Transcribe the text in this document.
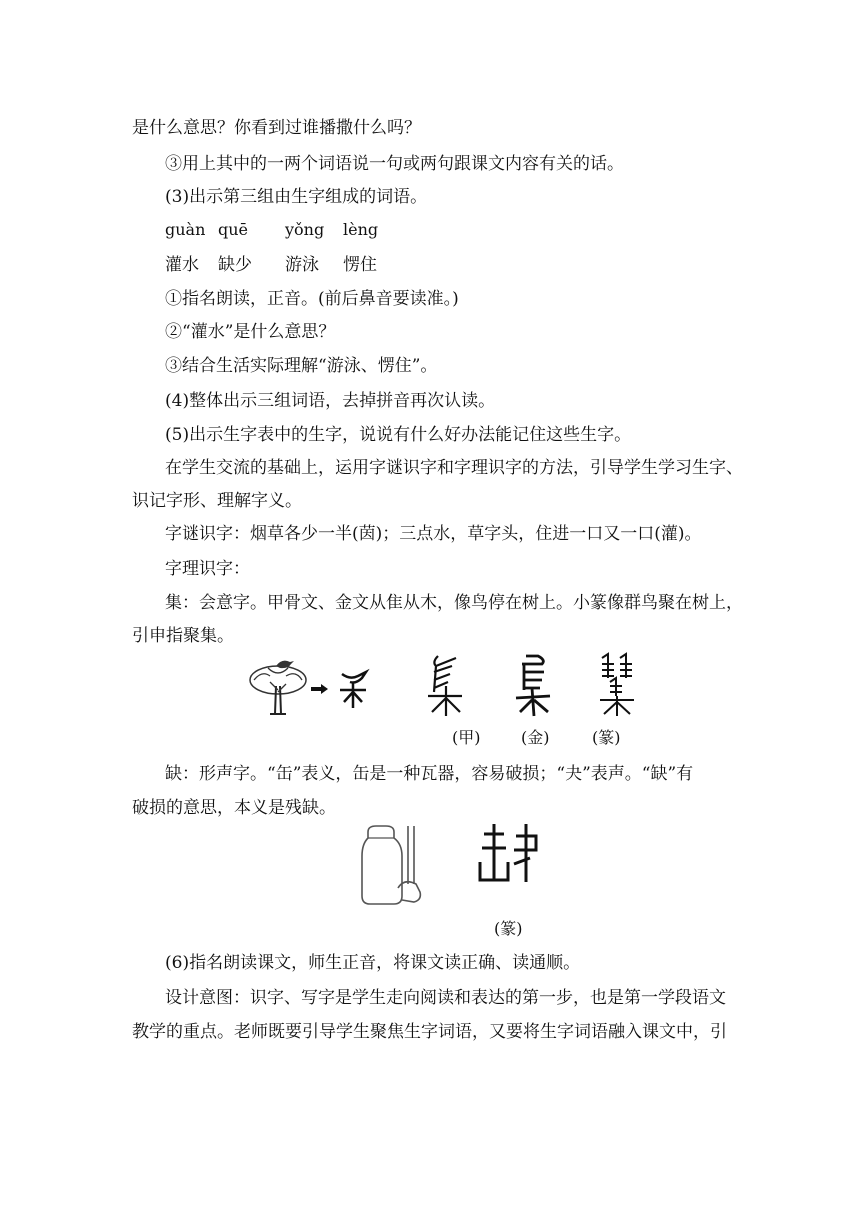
是什么意思？你看到过谁播撒什么吗？
③用上其中的一两个词语说一句或两句跟课文内容有关的话。
(3)出示第三组由生字组成的词语。
guàn quē yǒng lèng
灌水 缺少 游泳 愣住
①指名朗读，正音。(前后鼻音要读准。)
②“灌水”是什么意思？
③结合生活实际理解“游泳、愣住”。
(4)整体出示三组词语，去掉拼音再次认读。
(5)出示生字表中的生字，说说有什么好办法能记住这些生字。
在学生交流的基础上，运用字谜识字和字理识字的方法，引导学生学习生字、
识记字形、理解字义。
字谜识字：烟草各少一半(茵)；三点水，草字头，住进一口又一口(灌)。
字理识字：
集：会意字。甲骨文、金文从隹从木，像鸟停在树上。小篆像群鸟聚在树上，
引申指聚集。
(甲)	(金)	(篆)
缺：形声字。“缶”表义，缶是一种瓦器，容易破损；“夬”表声。“缺”有
破损的意思，本义是残缺。
(篆)
(6)指名朗读课文，师生正音，将课文读正确、读通顺。
设计意图：识字、写字是学生走向阅读和表达的第一步，也是第一学段语文
教学的重点。老师既要引导学生聚焦生字词语，又要将生字词语融入课文中，引
